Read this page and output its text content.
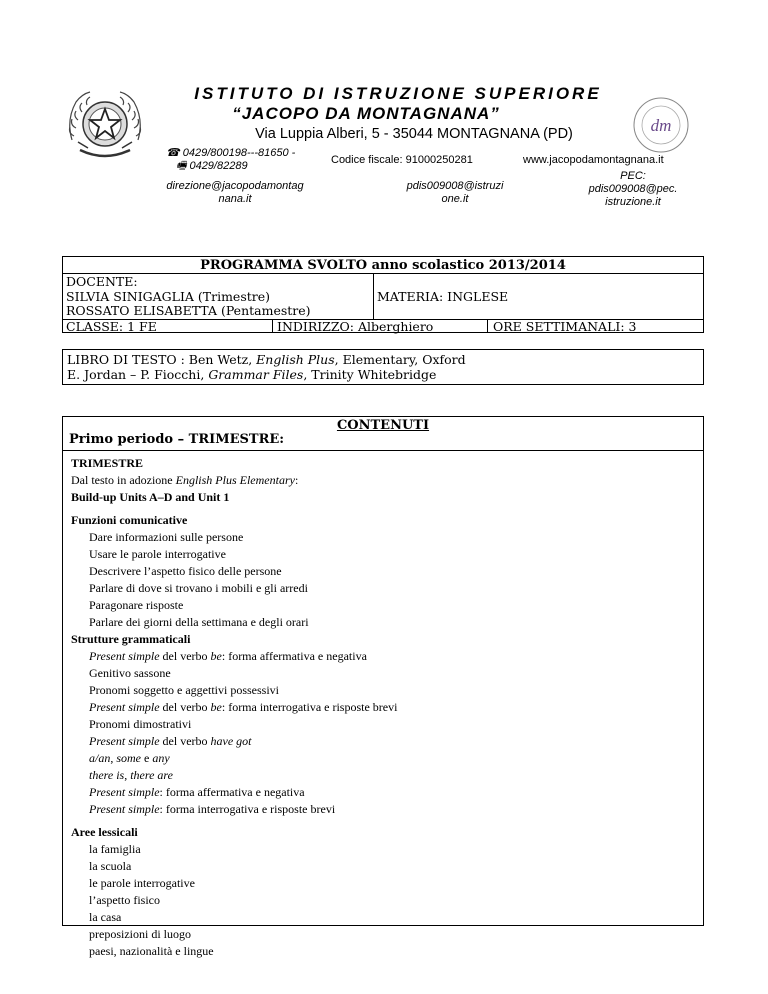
ISTITUTO DI ISTRUZIONE SUPERIORE
“JACOPO DA MONTAGNANA”
Via Luppia Alberi, 5 - 35044 MONTAGNANA (PD)	dm
☎ 0429/800198---81650 -
🖷 0429/82289	Codice fiscale: 91000250281	www.jacopodamontagnana.it
direzione@jacopodamontagnana.it
pdis009008@istruzione.it
PEC:
pdis009008@pec.istruzione.it
PROGRAMMA SVOLTO anno scolastico 2013/2014
DOCENTE:
SILVIA SINIGAGLIA (Trimestre)
ROSSATO ELISABETTA (Pentamestre)
MATERIA: INGLESE
CLASSE: 1 FE	INDIRIZZO: Alberghiero	ORE SETTIMANALI: 3
LIBRO DI TESTO : Ben Wetz, English Plus, Elementary, Oxford
E. Jordan – P. Fiocchi, Grammar Files, Trinity Whitebridge
CONTENUTI
Primo periodo – TRIMESTRE:
TRIMESTRE
Dal testo in adozione English Plus Elementary:
Build-up Units A–D and Unit 1
Funzioni comunicative
Dare informazioni sulle persone
Usare le parole interrogative
Descrivere l’aspetto fisico delle persone
Parlare di dove si trovano i mobili e gli arredi
Paragonare risposte
Parlare dei giorni della settimana e degli orari
Strutture grammaticali
Present simple del verbo be: forma affermativa e negativa
Genitivo sassone
Pronomi soggetto e aggettivi possessivi
Present simple del verbo be: forma interrogativa e risposte brevi
Pronomi dimostrativi
Present simple del verbo have got
a/an, some e any
there is, there are
Present simple: forma affermativa e negativa
Present simple: forma interrogativa e risposte brevi
Aree lessicali
la famiglia
la scuola
le parole interrogative
l’aspetto fisico
la casa
preposizioni di luogo
paesi, nazionalità e lingue
